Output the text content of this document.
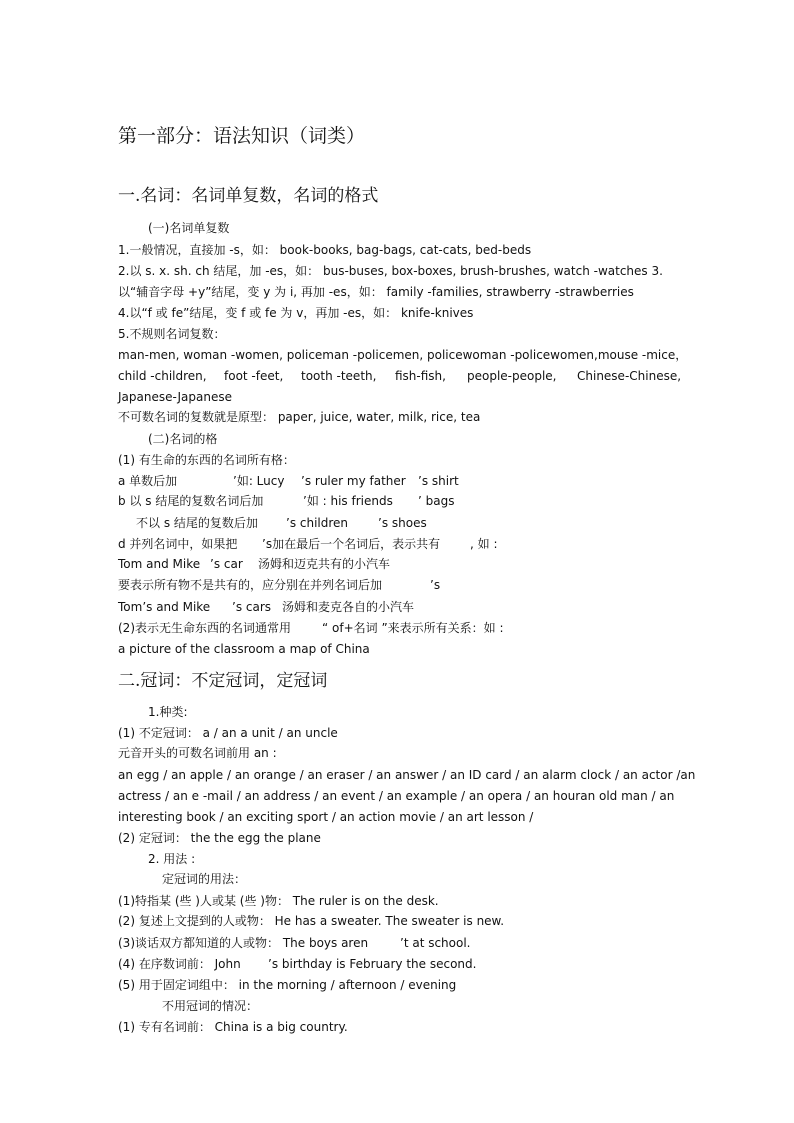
第一部分：语法知识（词类）
一.名词：名词单复数，名词的格式
(一)名词单复数
1.一般情况，直接加 -s，如： book-books, bag-bags, cat-cats, bed-beds
2.以 s. x. sh. ch 结尾，加 -es，如： bus-buses, box-boxes, brush-brushes, watch -watches 3.
以“辅音字母 +y”结尾，变 y 为 i, 再加 -es，如： family -families, strawberry -strawberries
4.以“f 或 fe”结尾，变 f 或 fe 为 v，再加 -es，如： knife-knives
5.不规则名词复数：
man-men, woman -women, policeman -policemen, policewoman -policewomen,mouse -mice，
child -children, foot -feet, tooth -teeth, fish-fish, people-people, Chinese-Chinese,
Japanese-Japanese
不可数名词的复数就是原型： paper, juice, water, milk, rice, tea
(二)名词的格
(1) 有生命的东西的名词所有格：
a 单数后加	’如: Lucy ’s ruler my father ’s shirt
b 以 s 结尾的复数名词后加	’如 : his friends ’ bags
不以 s 结尾的复数后加 ’s children ’s shoes
d 并列名词中，如果把 ’s加在最后一个名词后，表示共有 , 如 :
Tom and Mike ’s car 汤姆和迈克共有的小汽车
要表示所有物不是共有的，应分别在并列名词后加	’s
Tom’s and Mike ’s cars 汤姆和麦克各自的小汽车
(2)表示无生命东西的名词通常用	“ of+名词 ”来表示所有关系：如 :
a picture of the classroom a map of China
二.冠词：不定冠词，定冠词
1.种类:
(1) 不定冠词： a / an a unit / an uncle
元音开头的可数名词前用 an :
an egg / an apple / an orange / an eraser / an answer / an ID card / an alarm clock / an actor /an
actress / an e -mail / an address / an event / an example / an opera / an houran old man / an
interesting book / an exciting sport / an action movie / an art lesson /
(2) 定冠词： the the egg the plane
2. 用法 :
定冠词的用法：
(1)特指某 (些 )人或某 (些 )物： The ruler is on the desk.
(2) 复述上文提到的人或物： He has a sweater. The sweater is new.
(3)谈话双方都知道的人或物： The boys aren	’t at school.
(4) 在序数词前： John ’s birthday is February the second.
(5) 用于固定词组中： in the morning / afternoon / evening
不用冠词的情况：
(1) 专有名词前： China is a big country.
